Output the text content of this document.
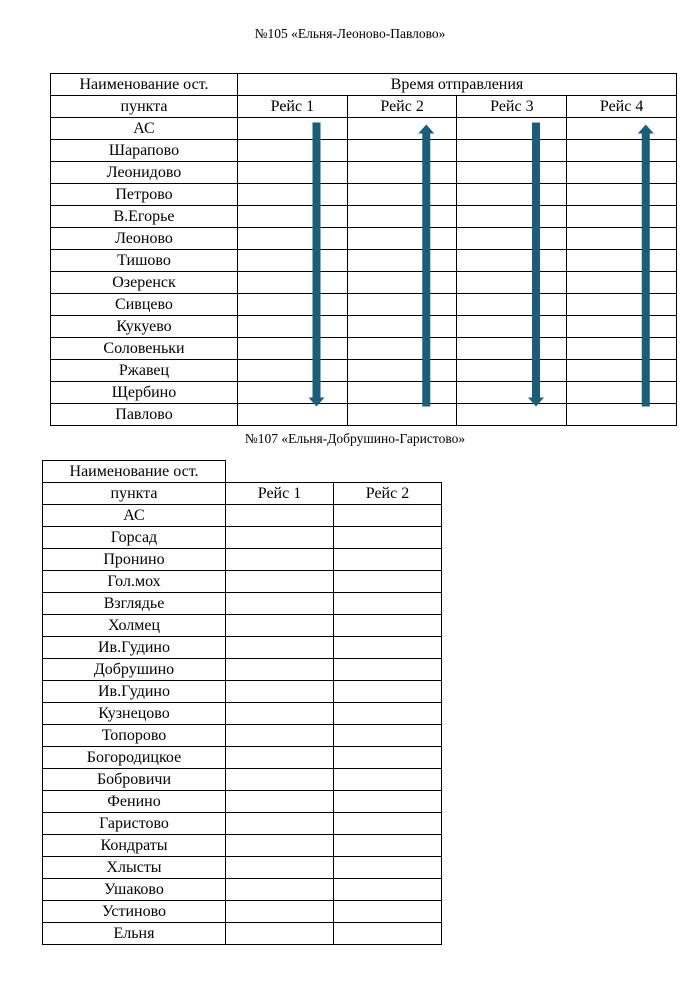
№105 «Ельня-Леоново-Павлово»
Наименование ост.	Время отправления			
пункта	Рейс 1	Рейс 2	Рейс 3	Рейс 4
АС				
Шарапово				
Леонидово				
Петрово				
В.Егорье				
Леоново				
Тишово				
Озеренск				
Сивцево				
Кукуево				
Соловеньки				
Ржавец				
Щербино				
Павлово				
№107 «Ельня-Добрушино-Гаристово»
Наименование ост.		
пункта	Рейс 1	Рейс 2
АС		
Горсад		
Пронино		
Гол.мох		
Взглядье		
Холмец		
Ив.Гудино		
Добрушино		
Ив.Гудино		
Кузнецово		
Топорово		
Богородицкое		
Бобровичи		
Фенино		
Гаристово		
Кондраты		
Хлысты		
Ушаково		
Устиново		
Ельня		
